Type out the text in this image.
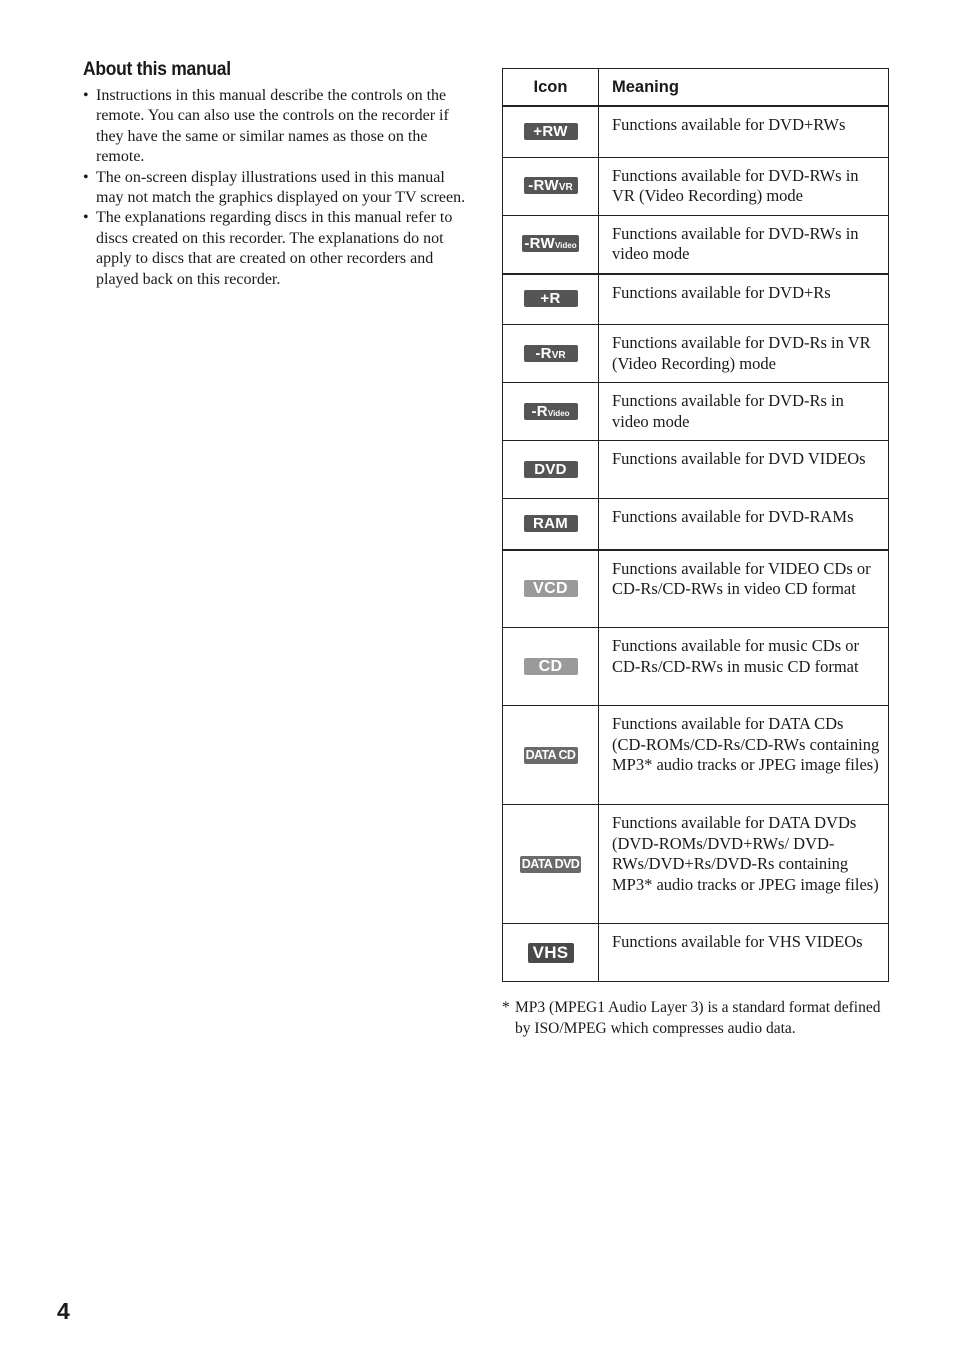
About this manual
• Instructions in this manual describe the controls on the remote. You can also use the controls on the recorder if they have the same or similar names as those on the remote.
• The on-screen display illustrations used in this manual may not match the graphics displayed on your TV screen.
• The explanations regarding discs in this manual refer to discs created on this recorder. The explanations do not apply to discs that are created on other recorders and played back on this recorder.
Icon	Meaning
+RW	Functions available for DVD+RWs
-RWVR	Functions available for DVD-RWs in VR (Video Recording) mode
-RWVideo	Functions available for DVD-RWs in video mode
+R	Functions available for DVD+Rs
-RVR	Functions available for DVD-Rs in VR (Video Recording) mode
-RVideo	Functions available for DVD-Rs in video mode
DVD	Functions available for DVD VIDEOs
RAM	Functions available for DVD-RAMs
VCD	Functions available for VIDEO CDs or CD-Rs/CD-RWs in video CD format
CD	Functions available for music CDs or CD-Rs/CD-RWs in music CD format
DATA CD	Functions available for DATA CDs (CD-ROMs/CD-Rs/CD-RWs containing MP3* audio tracks or JPEG image files)
DATA DVD	Functions available for DATA DVDs (DVD-ROMs/DVD+RWs/ DVD-RWs/DVD+Rs/DVD-Rs containing MP3* audio tracks or JPEG image files)
VHS	Functions available for VHS VIDEOs
* MP3 (MPEG1 Audio Layer 3) is a standard format defined by ISO/MPEG which compresses audio data.
4
